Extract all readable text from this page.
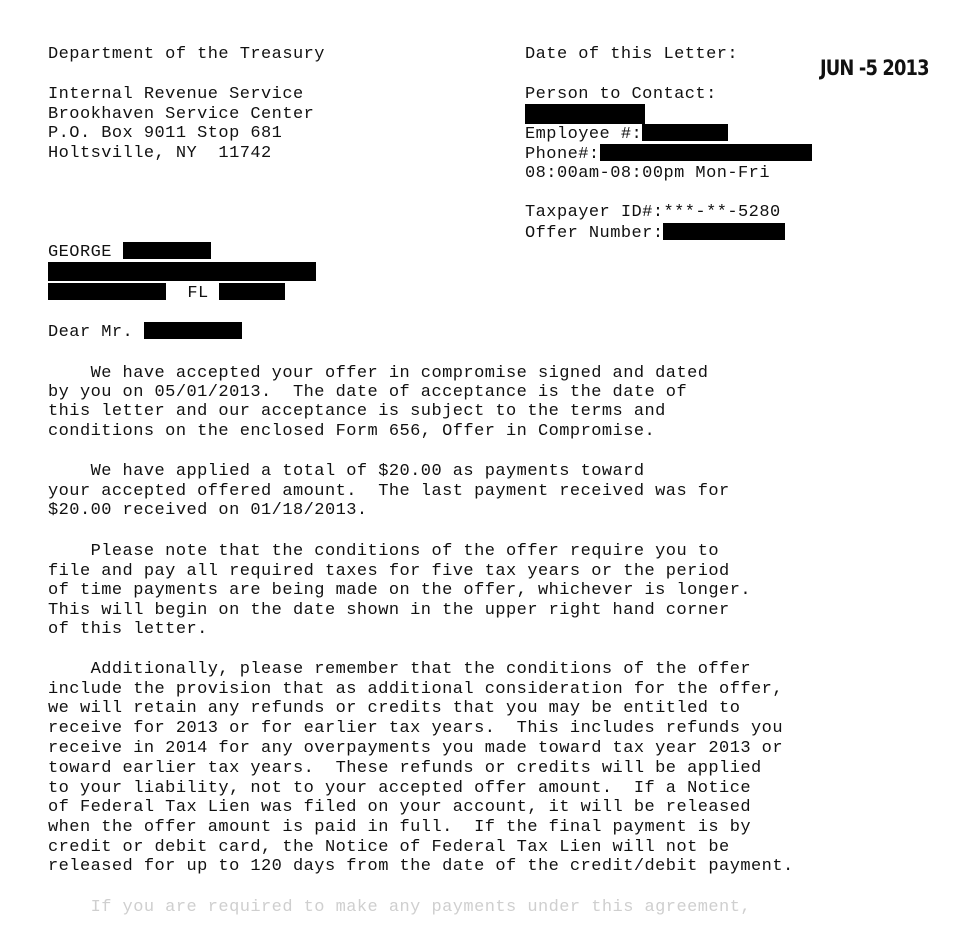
Department of the Treasury
Internal Revenue Service
Brookhaven Service Center
P.O. Box 9011 Stop 681
Holtsville, NY  11742
Date of this Letter:
JUN -5 2013
Person to Contact:
Employee #:
Phone#:
08:00am-08:00pm Mon-Fri
Taxpayer ID#:***-**-5280
Offer Number:
GEORGE
FL
Dear Mr.
We have accepted your offer in compromise signed and dated
by you on 05/01/2013.  The date of acceptance is the date of
this letter and our acceptance is subject to the terms and
conditions on the enclosed Form 656, Offer in Compromise.
We have applied a total of $20.00 as payments toward
your accepted offered amount.  The last payment received was for
$20.00 received on 01/18/2013.
Please note that the conditions of the offer require you to
file and pay all required taxes for five tax years or the period
of time payments are being made on the offer, whichever is longer.
This will begin on the date shown in the upper right hand corner
of this letter.
Additionally, please remember that the conditions of the offer
include the provision that as additional consideration for the offer,
we will retain any refunds or credits that you may be entitled to
receive for 2013 or for earlier tax years.  This includes refunds you
receive in 2014 for any overpayments you made toward tax year 2013 or
toward earlier tax years.  These refunds or credits will be applied
to your liability, not to your accepted offer amount.  If a Notice
of Federal Tax Lien was filed on your account, it will be released
when the offer amount is paid in full.  If the final payment is by
credit or debit card, the Notice of Federal Tax Lien will not be
released for up to 120 days from the date of the credit/debit payment.
If you are required to make any payments under this agreement,
